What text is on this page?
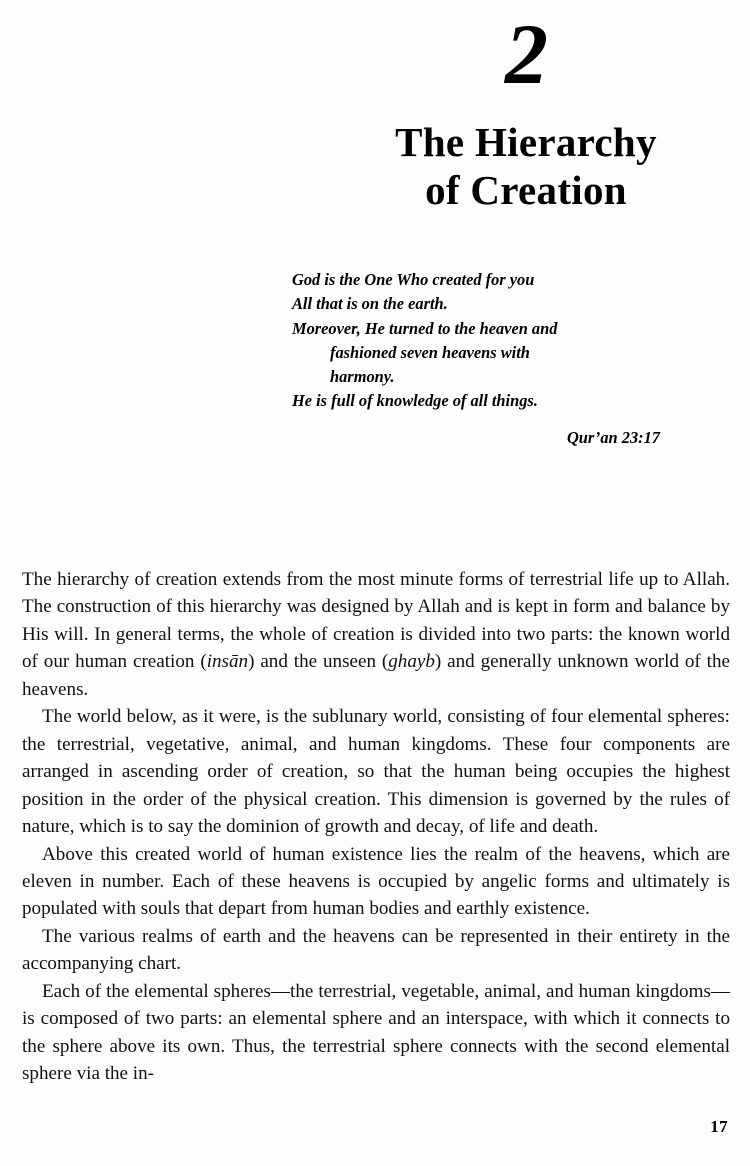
2
The Hierarchy
of Creation
God is the One Who created for you
All that is on the earth.
Moreover, He turned to the heaven and
fashioned seven heavens with
harmony.
He is full of knowledge of all things.
Qur’an 23:17

The hierarchy of creation extends from the most minute forms of terrestrial life up to Allah. The construction of this hierarchy was designed by Allah and is kept in form and balance by His will. In general terms, the whole of creation is divided into two parts: the known world of our human creation (insān) and the unseen (ghayb) and generally unknown world of the heavens.

The world below, as it were, is the sublunary world, consisting of four elemental spheres: the terrestrial, vegetative, animal, and human kingdoms. These four components are arranged in ascending order of creation, so that the human being occupies the highest position in the order of the physical creation. This dimension is governed by the rules of nature, which is to say the dominion of growth and decay, of life and death.

Above this created world of human existence lies the realm of the heavens, which are eleven in number. Each of these heavens is occupied by angelic forms and ultimately is populated with souls that depart from human bodies and earthly existence.

The various realms of earth and the heavens can be represented in their entirety in the accompanying chart.

Each of the elemental spheres—the terrestrial, vegetable, animal, and human kingdoms—is composed of two parts: an elemental sphere and an interspace, with which it connects to the sphere above its own. Thus, the terrestrial sphere connects with the second elemental sphere via the in-

17
